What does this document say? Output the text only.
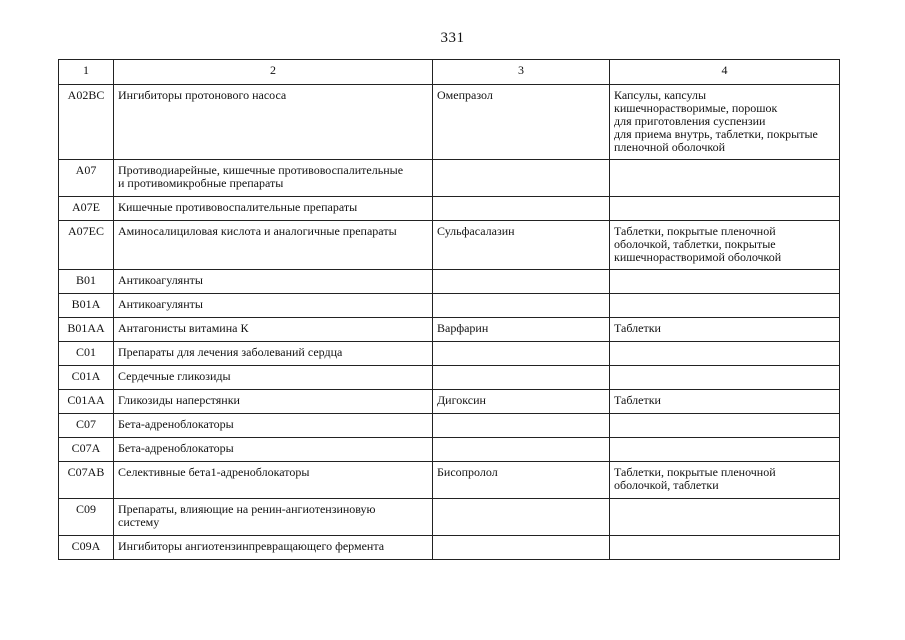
331
1	2	3	4

A02BC	Ингибиторы протонового насоса	Омепразол	Капсулы, капсулы
кишечнорастворимые, порошок
для приготовления суспензии
для приема внутрь, таблетки, покрытые
пленочной оболочкой

A07	Противодиарейные, кишечные противовоспалительные
и противомикробные препараты		

A07E	Кишечные противовоспалительные препараты		

A07EC	Аминосалициловая кислота и аналогичные препараты	Сульфасалазин	Таблетки, покрытые пленочной
оболочкой, таблетки, покрытые
кишечнорастворимой оболочкой

B01	Антикоагулянты		

B01A	Антикоагулянты		

B01AA	Антагонисты витамина К	Варфарин	Таблетки

C01	Препараты для лечения заболеваний сердца		

C01A	Сердечные гликозиды		

C01AA	Гликозиды наперстянки	Дигоксин	Таблетки

C07	Бета-адреноблокаторы		

C07A	Бета-адреноблокаторы		

C07AB	Селективные бета1-адреноблокаторы	Бисопролол	Таблетки, покрытые пленочной
оболочкой, таблетки

C09	Препараты, влияющие на ренин-ангиотензиновую
систему		

C09A	Ингибиторы ангиотензинпревращающего фермента		
